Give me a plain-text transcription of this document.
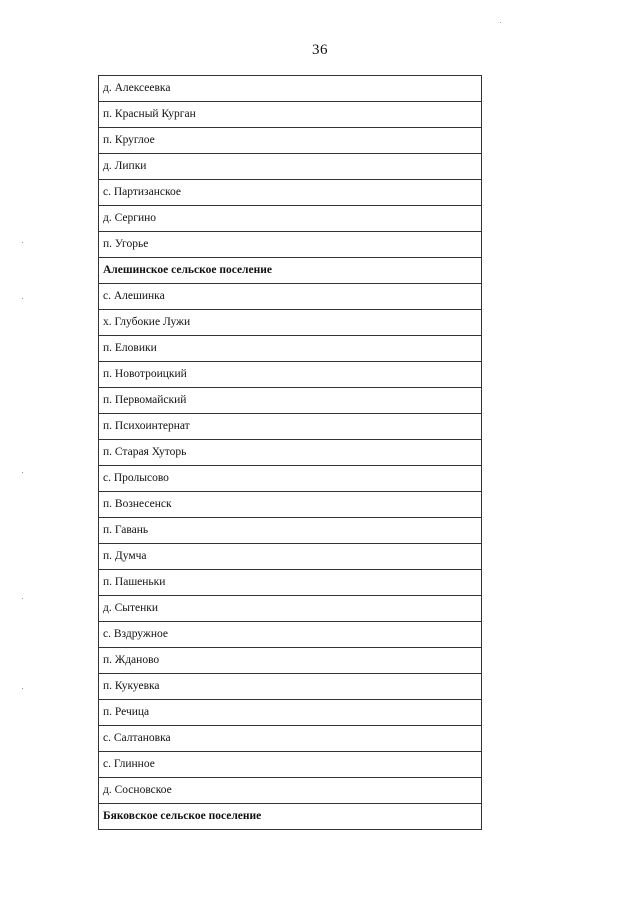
36
д. Алексеевка
п. Красный Курган
п. Круглое
д. Липки
с. Партизанское
д. Сергино
п. Угорье
Алешинское сельское поселение
с. Алешинка
х. Глубокие Лужи
п. Еловики
п. Новотроицкий
п. Первомайский
п. Психоинтернат
п. Старая Хуторь
с. Пролысово
п. Вознесенск
п. Гавань
п. Думча
п. Пашеньки
д. Сытенки
с. Вздружное
п. Жданово
п. Кукуевка
п. Речица
с. Салтановка
с. Глинное
д. Сосновское
Бяковское сельское поселение
